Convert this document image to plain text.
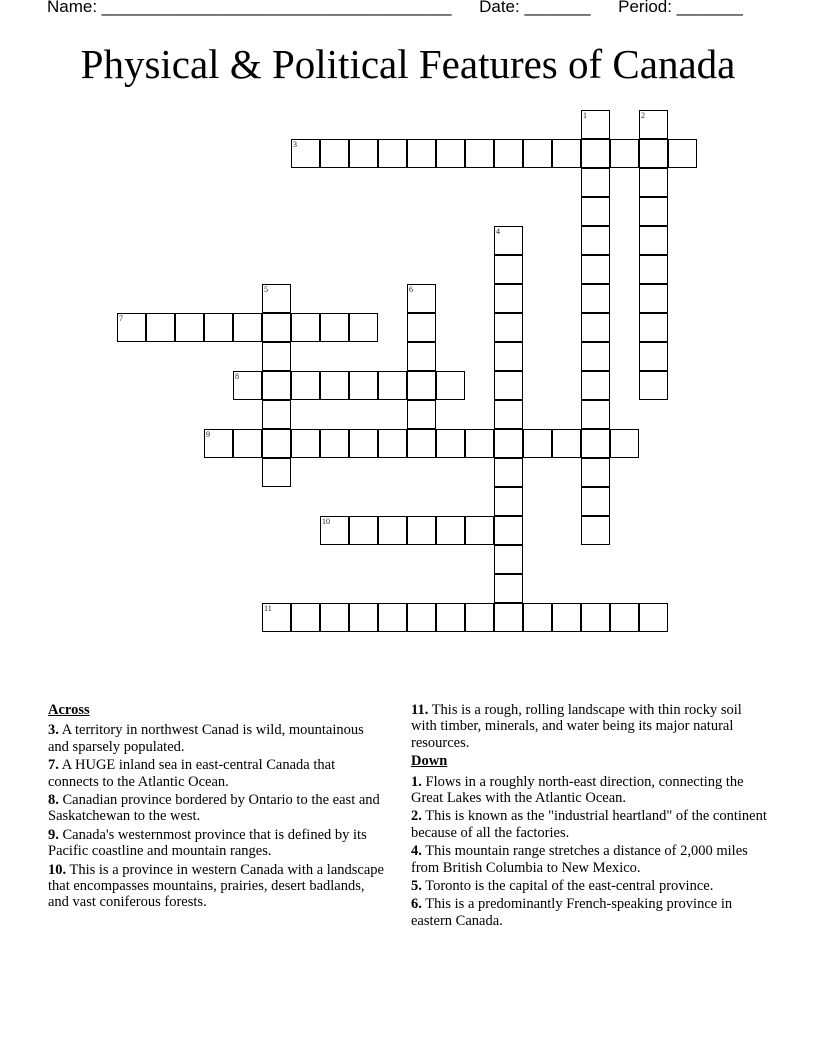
Name: _____________________________________ Date: _______ Period: _______
Physical & Political Features of Canada
1	2
3
4
5	6
7
8
9
10
11
Across
3. A territory in northwest Canad is wild, mountainous and sparsely populated.
7. A HUGE inland sea in east-central Canada that connects to the Atlantic Ocean.
8. Canadian province bordered by Ontario to the east and Saskatchewan to the west.
9. Canada's westernmost province that is defined by its Pacific coastline and mountain ranges.
10. This is a province in western Canada with a landscape that encompasses mountains, prairies, desert badlands, and vast coniferous forests.
11. This is a rough, rolling landscape with thin rocky soil with timber, minerals, and water being its major natural resources.
Down
1. Flows in a roughly north-east direction, connecting the Great Lakes with the Atlantic Ocean.
2. This is known as the "industrial heartland" of the continent because of all the factories.
4. This mountain range stretches a distance of 2,000 miles from British Columbia to New Mexico.
5. Toronto is the capital of the east-central province.
6. This is a predominantly French-speaking province in eastern Canada.
